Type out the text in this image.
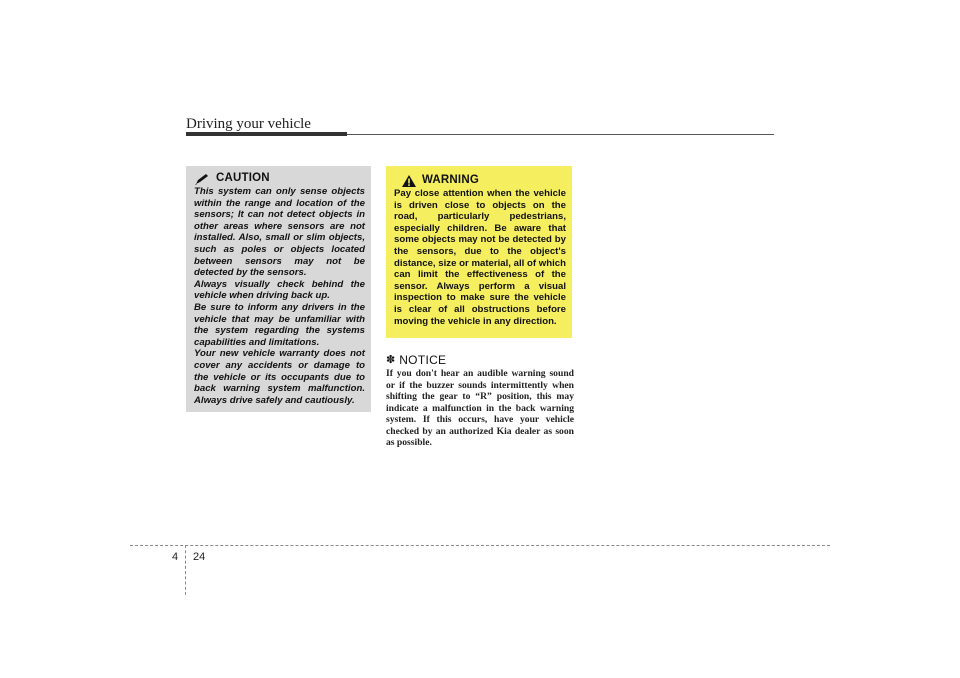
Driving your vehicle
CAUTION

This system can only sense objects within the range and location of the sensors; It can not detect objects in other areas where sensors are not installed. Also, small or slim objects, such as poles or objects located between sensors may not be detected by the sensors.

Always visually check behind the vehicle when driving back up.

Be sure to inform any drivers in the vehicle that may be unfamiliar with the system regarding the systems capabilities and limitations.

Your new vehicle warranty does not cover any accidents or damage to the vehicle or its occupants due to back warning system malfunction. Always drive safely and cautiously.

WARNING

Pay close attention when the vehicle is driven close to objects on the road, particularly pedestrians, especially children. Be aware that some objects may not be detected by the sensors, due to the object's distance, size or material, all of which can limit the effectiveness of the sensor. Always perform a visual inspection to make sure the vehicle is clear of all obstructions before moving the vehicle in any direction.

✽ NOTICE

If you don't hear an audible warning sound or if the buzzer sounds intermittently when shifting the gear to “R” position, this may indicate a malfunction in the back warning system. If this occurs, have your vehicle checked by an authorized Kia dealer as soon as possible.

4 24
